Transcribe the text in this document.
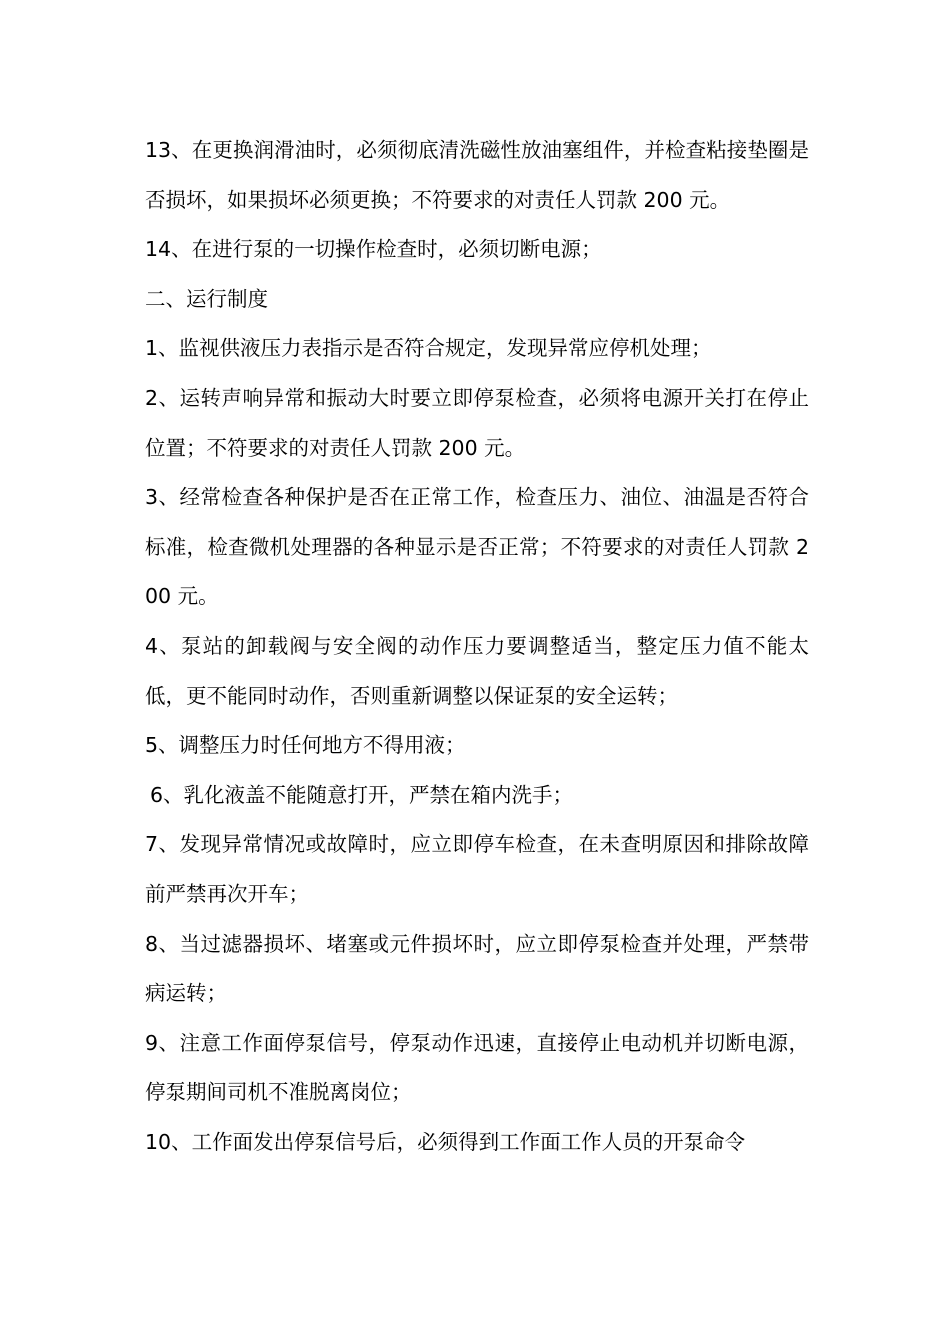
13、在更换润滑油时，必须彻底清洗磁性放油塞组件，并检查粘接垫圈是否损坏，如果损坏必须更换；不符要求的对责任人罚款 200 元。

14、在进行泵的一切操作检查时，必须切断电源；

二、运行制度

1、监视供液压力表指示是否符合规定，发现异常应停机处理；

2、运转声响异常和振动大时要立即停泵检查，必须将电源开关打在停止位置；不符要求的对责任人罚款 200 元。

3、经常检查各种保护是否在正常工作，检查压力、油位、油温是否符合标准，检查微机处理器的各种显示是否正常；不符要求的对责任人罚款 200 元。

4、泵站的卸载阀与安全阀的动作压力要调整适当，整定压力值不能太低，更不能同时动作，否则重新调整以保证泵的安全运转；

5、调整压力时任何地方不得用液；

6、乳化液盖不能随意打开，严禁在箱内洗手；

7、发现异常情况或故障时，应立即停车检查，在未查明原因和排除故障前严禁再次开车；

8、当过滤器损坏、堵塞或元件损坏时，应立即停泵检查并处理，严禁带病运转；

9、注意工作面停泵信号，停泵动作迅速，直接停止电动机并切断电源，停泵期间司机不准脱离岗位；

10、工作面发出停泵信号后，必须得到工作面工作人员的开泵命令
